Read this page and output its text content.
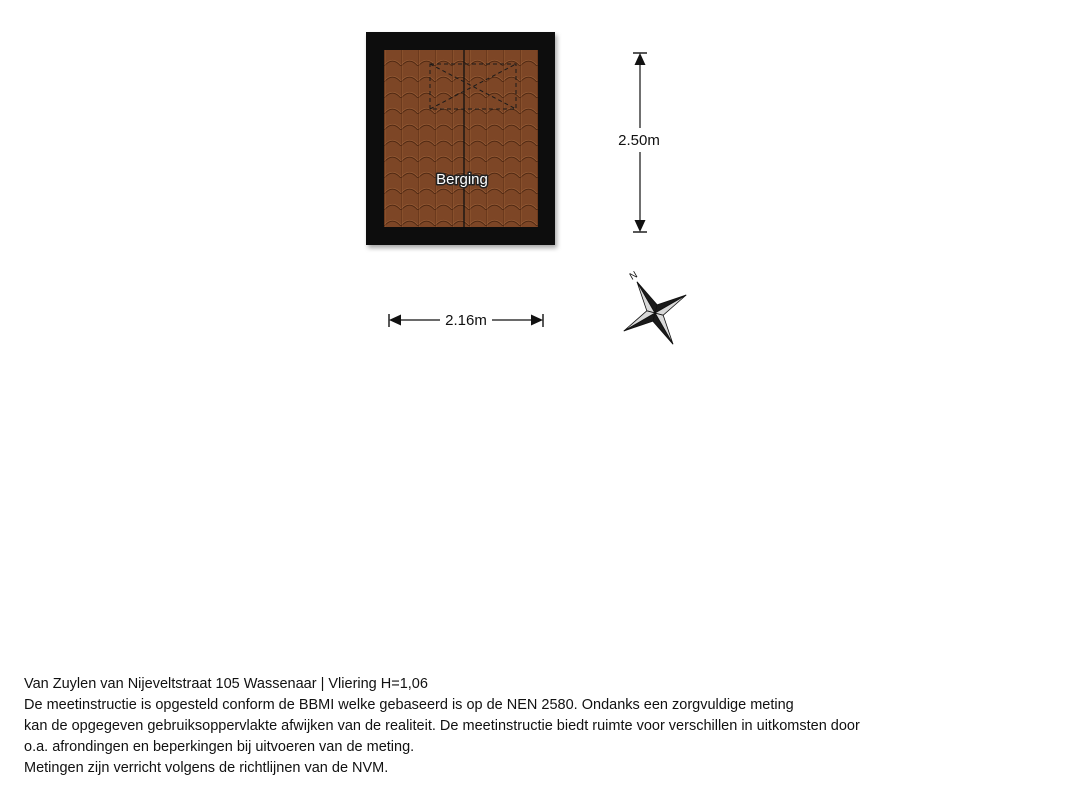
Berging
2.50m
2.16m
N
Van Zuylen van Nijeveltstraat 105 Wassenaar | Vliering H=1,06
De meetinstructie is opgesteld conform de BBMI welke gebaseerd is op de NEN 2580. Ondanks een zorgvuldige meting
kan de opgegeven gebruiksoppervlakte afwijken van de realiteit. De meetinstructie biedt ruimte voor verschillen in uitkomsten door
o.a. afrondingen en beperkingen bij uitvoeren van de meting.
Metingen zijn verricht volgens de richtlijnen van de NVM.
